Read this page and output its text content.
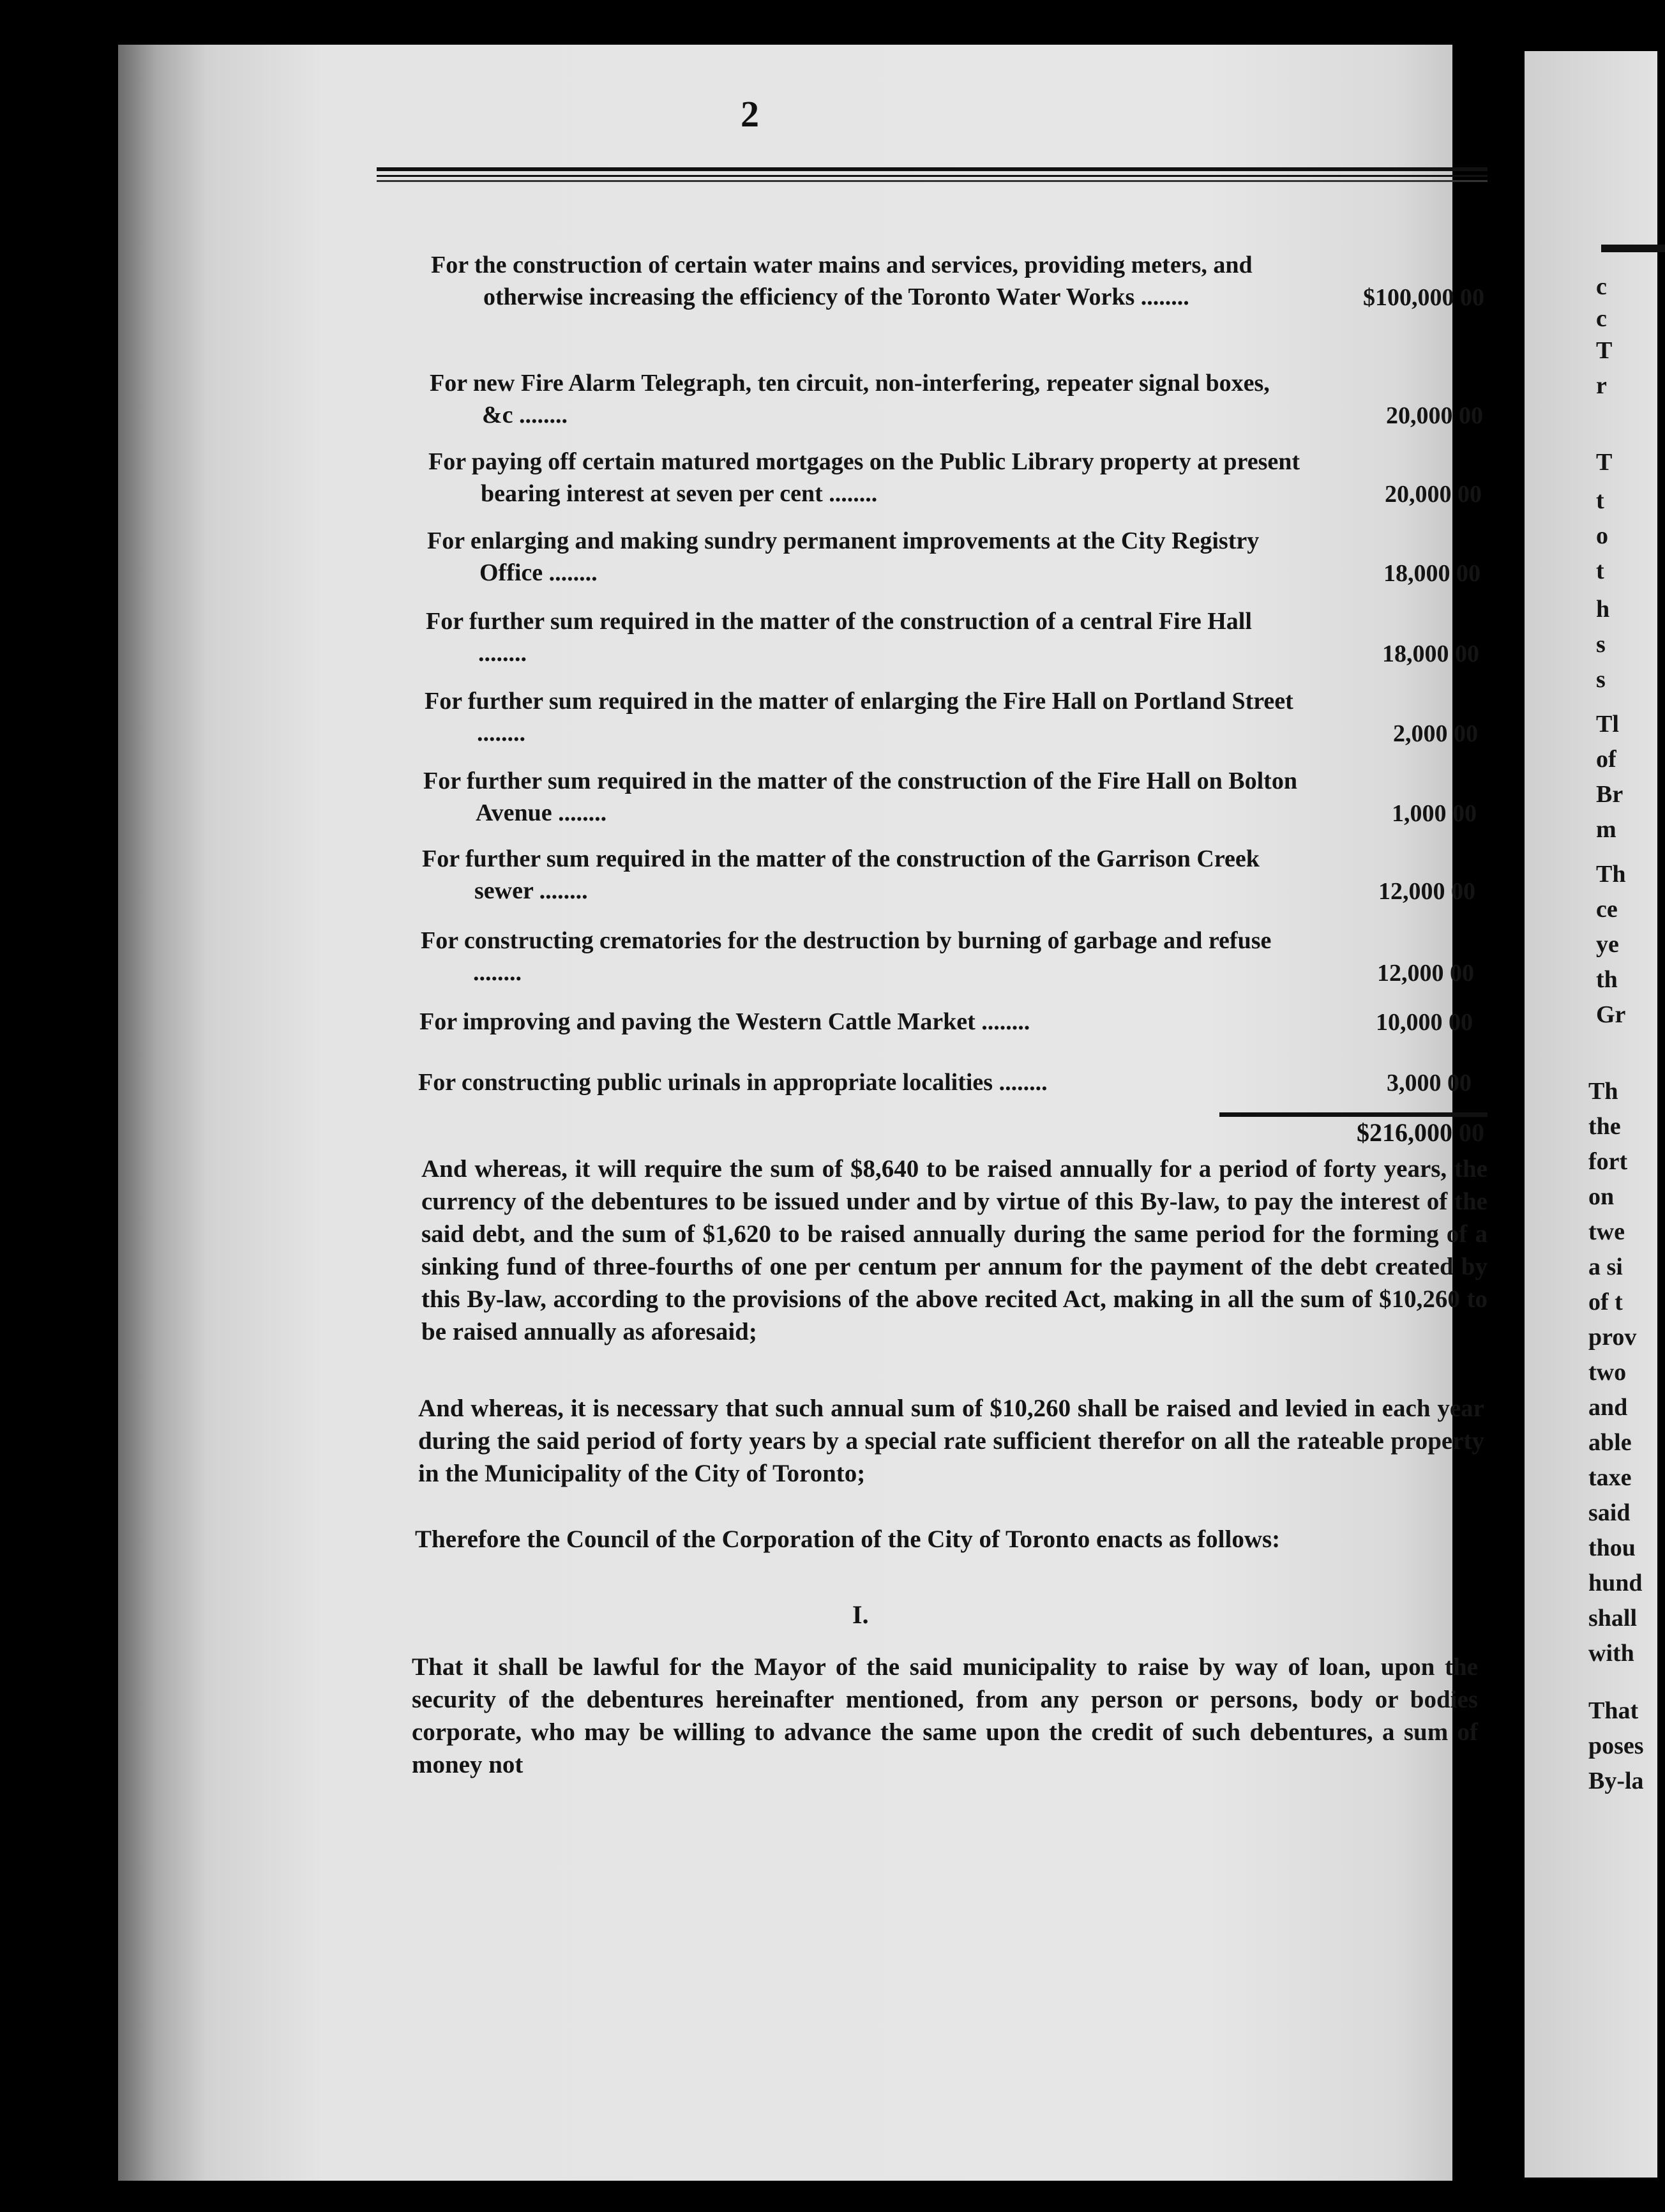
2
For the construction of certain water mains and services, providing meters, and otherwise increasing the efficiency of the Toronto Water Works ........	$100,000 00
For new Fire Alarm Telegraph, ten circuit, non-interfering, repeater signal boxes, &c ........	20,000 00
For paying off certain matured mortgages on the Public Library property at present bearing interest at seven per cent ........	20,000 00
For enlarging and making sundry permanent improvements at the City Registry Office ........	18,000 00
For further sum required in the matter of the construction of a central Fire Hall ........	18,000 00
For further sum required in the matter of enlarging the Fire Hall on Portland Street ........	2,000 00
For further sum required in the matter of the construction of the Fire Hall on Bolton Avenue ........	1,000 00
For further sum required in the matter of the construction of the Garrison Creek sewer ........	12,000 00
For constructing crematories for the destruction by burning of garbage and refuse ........	12,000 00
For improving and paving the Western Cattle Market ........	10,000 00
For constructing public urinals in appropriate localities ........	3,000 00
$216,000 00
And whereas, it will require the sum of $8,640 to be raised annually for a period of forty years, the currency of the debentures to be issued under and by virtue of this By-law, to pay the interest of the said debt, and the sum of $1,620 to be raised annually during the same period for the forming of a sinking fund of three-fourths of one per centum per annum for the payment of the debt created by this By-law, according to the provisions of the above recited Act, making in all the sum of $10,260 to be raised annually as aforesaid;
And whereas, it is necessary that such annual sum of $10,260 shall be raised and levied in each year during the said period of forty years by a special rate sufficient therefor on all the rateable property in the Municipality of the City of Toronto;
Therefore the Council of the Corporation of the City of Toronto enacts as follows:
I.
That it shall be lawful for the Mayor of the said municipality to raise by way of loan, upon the security of the debentures hereinafter mentioned, from any person or persons, body or bodies corporate, who may be willing to advance the same upon the credit of such debentures, a sum of money not
c
c
T
r
T
t
o
t
h
s
s
Tl
of
Br
m
Th
ce
ye
th
Gr
Th
the
fort
on
twe
a si
of t
prov
two
and
able
taxe
said
thou
hund
shall
with
That
poses
By-la
